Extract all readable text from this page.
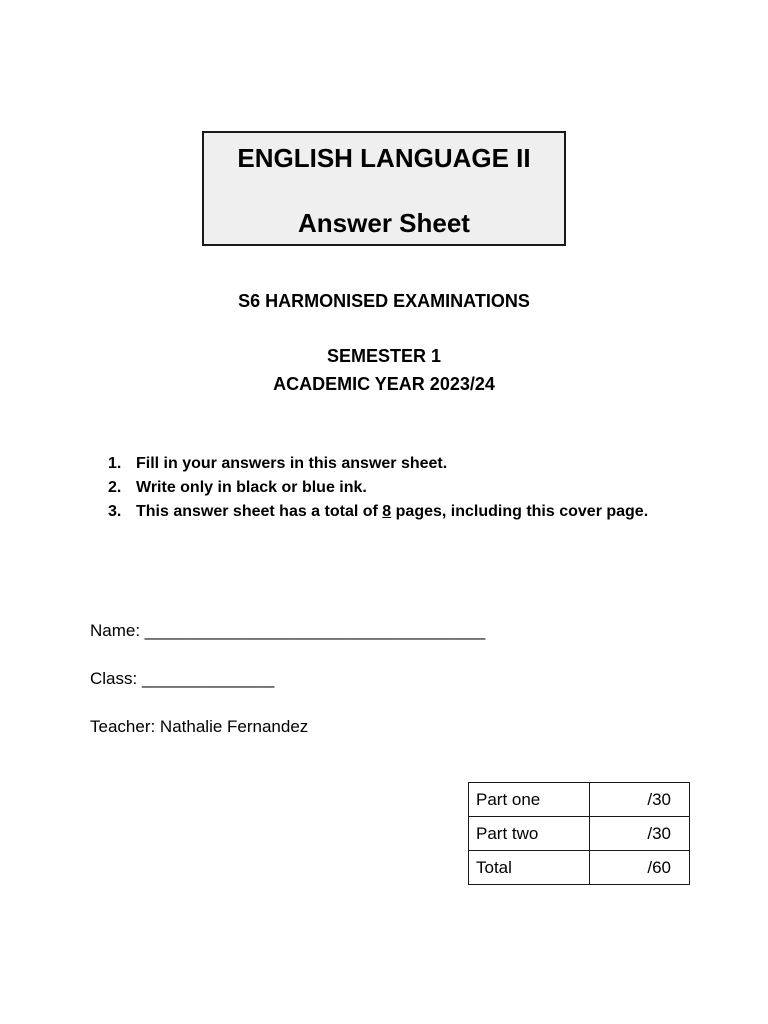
ENGLISH LANGUAGE II
Answer Sheet
S6 HARMONISED EXAMINATIONS
SEMESTER 1
ACADEMIC YEAR 2023/24
1. Fill in your answers in this answer sheet.
2. Write only in black or blue ink.
3. This answer sheet has a total of 8 pages, including this cover page.
Name: ____________________________________
Class: ______________
Teacher: Nathalie Fernandez
Part one	/30
Part two	/30
Total	/60
